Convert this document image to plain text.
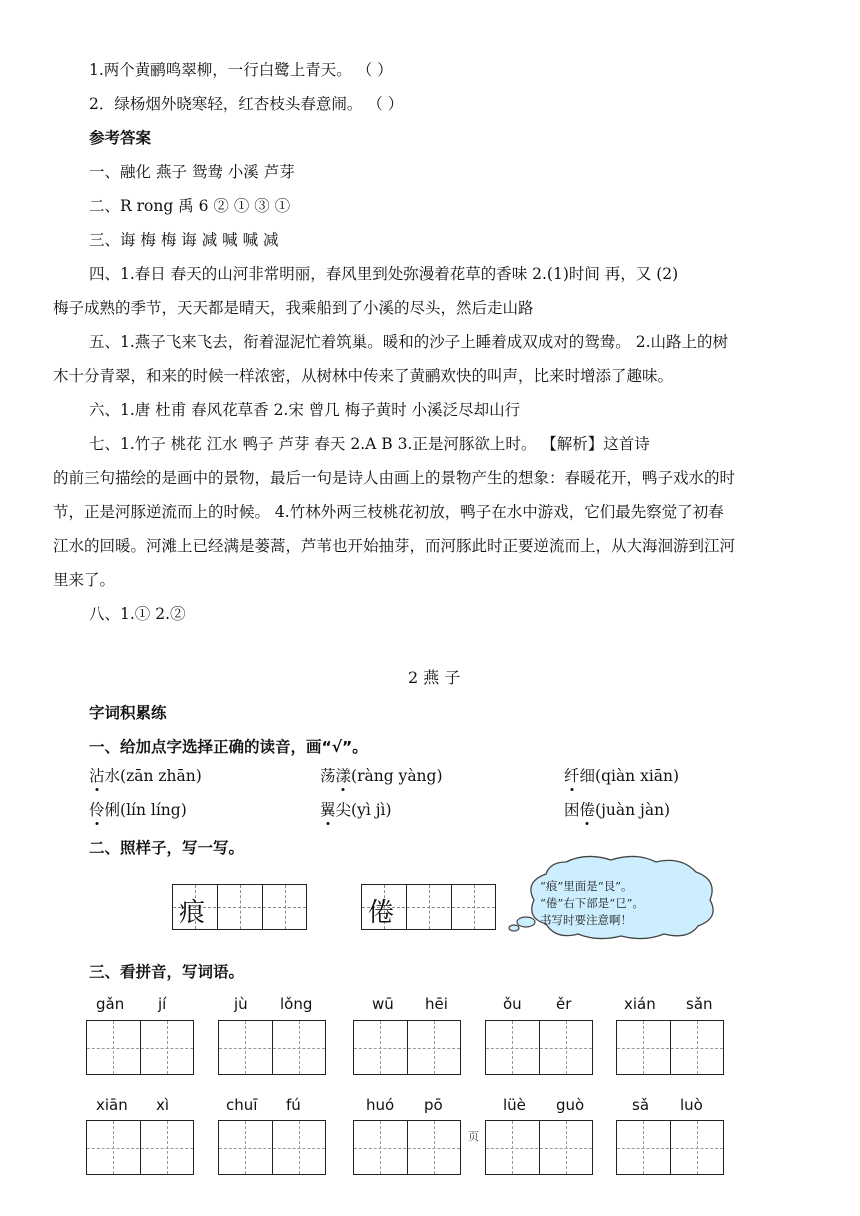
1.两个黄鹂鸣翠柳，一行白鹭上青天。 （ ）
2．绿杨烟外晓寒轻，红杏枝头春意闹。 （ ）
参考答案
一、融化 燕子 鸳鸯 小溪 芦芽
二、R rong 禹 6 ② ① ③ ①
三、诲 梅 梅 诲 减 喊 喊 减
四、1.春日 春天的山河非常明丽，春风里到处弥漫着花草的香味 2.(1)时间 再，又 (2)
梅子成熟的季节，天天都是晴天，我乘船到了小溪的尽头，然后走山路
五、1.燕子飞来飞去，衔着湿泥忙着筑巢。暖和的沙子上睡着成双成对的鸳鸯。 2.山路上的树
木十分青翠，和来的时候一样浓密，从树林中传来了黄鹂欢快的叫声，比来时增添了趣味。
六、1.唐 杜甫 春风花草香 2.宋 曾几 梅子黄时 小溪泛尽却山行
七、1.竹子 桃花 江水 鸭子 芦芽 春天 2.A B 3.正是河豚欲上时。 【解析】这首诗
的前三句描绘的是画中的景物，最后一句是诗人由画上的景物产生的想象：春暖花开，鸭子戏水的时
节，正是河豚逆流而上的时候。 4.竹林外两三枝桃花初放，鸭子在水中游戏，它们最先察觉了初春
江水的回暖。河滩上已经满是蒌蒿，芦苇也开始抽芽，而河豚此时正要逆流而上，从大海洄游到江河
里来了。
八、1.① 2.②
2 燕 子
字词积累练
一、给加点字选择正确的读音，画“√”。
沾水(zān zhān)	荡漾(ràng yàng)	纤细(qiàn xiān)
伶俐(lín líng)	翼尖(yì jì)	困倦(juàn jàn)
二、照样子，写一写。
痕	倦
“痕”里面是“艮”。
“倦”右下部是“㔾”。
书写时要注意啊！
三、看拼音，写词语。
gǎn jí	jù lǒng	wū hēi	ǒu ěr	xián sǎn
xiān xì	chuī fú	huó pō	lüè guò	sǎ luò
页
